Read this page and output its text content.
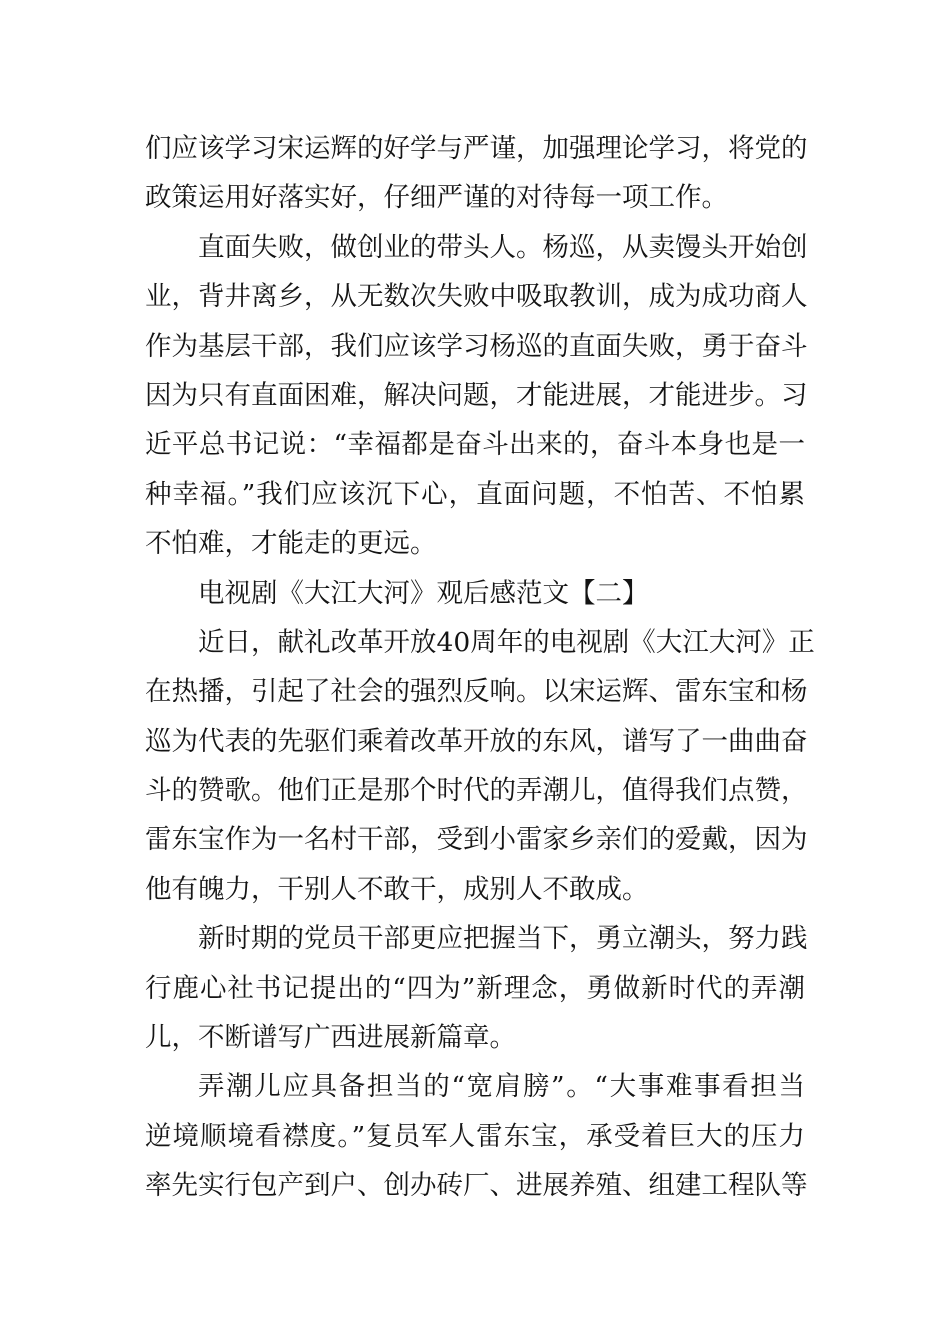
们应该学习宋运辉的好学与严谨，加强理论学习，将党的
政策运用好落实好，仔细严谨的对待每一项工作。
直面失败，做创业的带头人。杨巡，从卖馒头开始创
业，背井离乡，从无数次失败中吸取教训，成为成功商人
作为基层干部，我们应该学习杨巡的直面失败，勇于奋斗
因为只有直面困难，解决问题，才能进展，才能进步。习
近平总书记说：“幸福都是奋斗出来的，奋斗本身也是一
种幸福。”我们应该沉下心，直面问题，不怕苦、不怕累
不怕难，才能走的更远。
电视剧《大江大河》观后感范文【二】
近日，献礼改革开放40周年的电视剧《大江大河》正
在热播，引起了社会的强烈反响。以宋运辉、雷东宝和杨
巡为代表的先驱们乘着改革开放的东风，谱写了一曲曲奋
斗的赞歌。他们正是那个时代的弄潮儿，值得我们点赞，
雷东宝作为一名村干部，受到小雷家乡亲们的爱戴，因为
他有魄力，干别人不敢干，成别人不敢成。
新时期的党员干部更应把握当下，勇立潮头，努力践
行鹿心社书记提出的“四为”新理念，勇做新时代的弄潮
儿，不断谱写广西进展新篇章。
弄潮儿应具备担当的“宽肩膀”。“大事难事看担当
逆境顺境看襟度。”复员军人雷东宝，承受着巨大的压力
率先实行包产到户、创办砖厂、进展养殖、组建工程队等
